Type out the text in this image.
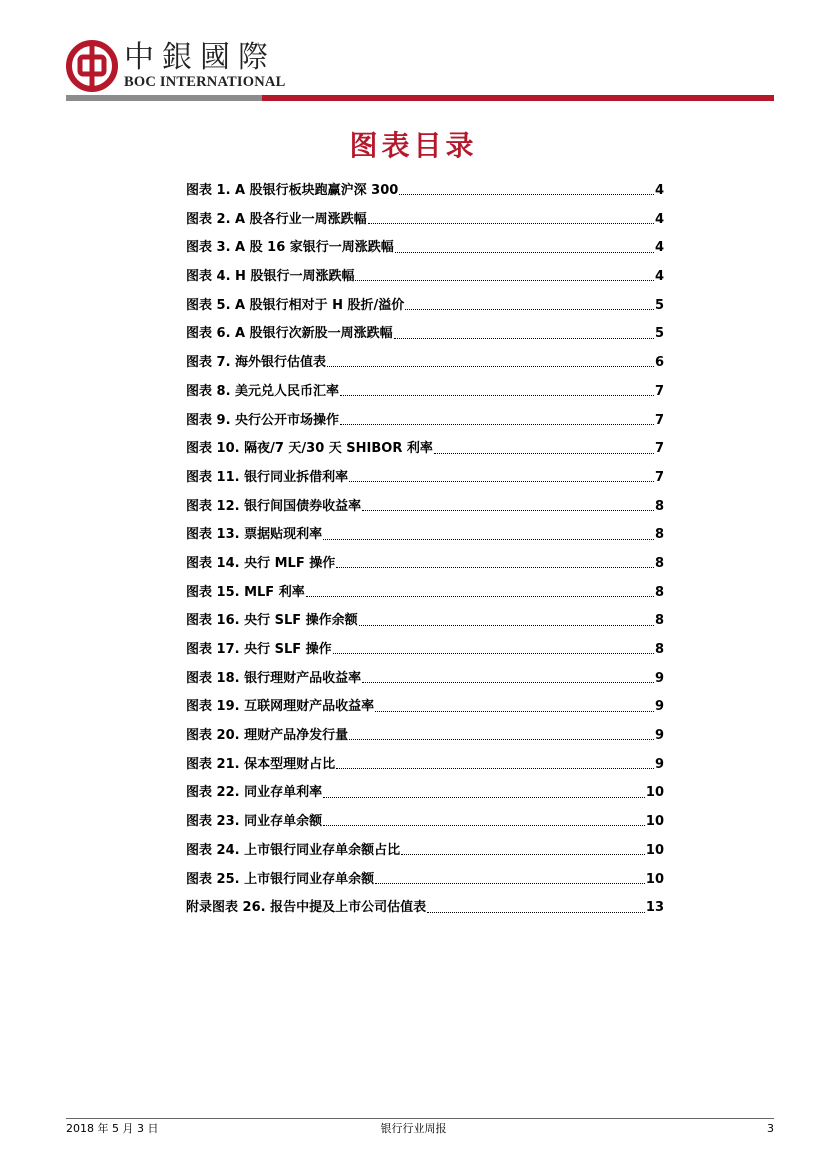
中銀國際
BOC INTERNATIONAL
图表目录
图表 1. A 股银行板块跑赢沪深 300	4
图表 2. A 股各行业一周涨跌幅	4
图表 3. A 股 16 家银行一周涨跌幅	4
图表 4. H 股银行一周涨跌幅	4
图表 5. A 股银行相对于 H 股折/溢价	5
图表 6. A 股银行次新股一周涨跌幅	5
图表 7. 海外银行估值表	6
图表 8. 美元兑人民币汇率	7
图表 9. 央行公开市场操作	7
图表 10. 隔夜/7 天/30 天 SHIBOR 利率	7
图表 11. 银行同业拆借利率	7
图表 12. 银行间国债券收益率	8
图表 13. 票据贴现利率	8
图表 14. 央行 MLF 操作	8
图表 15. MLF 利率	8
图表 16. 央行 SLF 操作余额	8
图表 17. 央行 SLF 操作	8
图表 18. 银行理财产品收益率	9
图表 19. 互联网理财产品收益率	9
图表 20. 理财产品净发行量	9
图表 21. 保本型理财占比	9
图表 22. 同业存单利率	10
图表 23. 同业存单余额	10
图表 24. 上市银行同业存单余额占比	10
图表 25. 上市银行同业存单余额	10
附录图表 26. 报告中提及上市公司估值表	13
2018 年 5 月 3 日	银行行业周报	3
